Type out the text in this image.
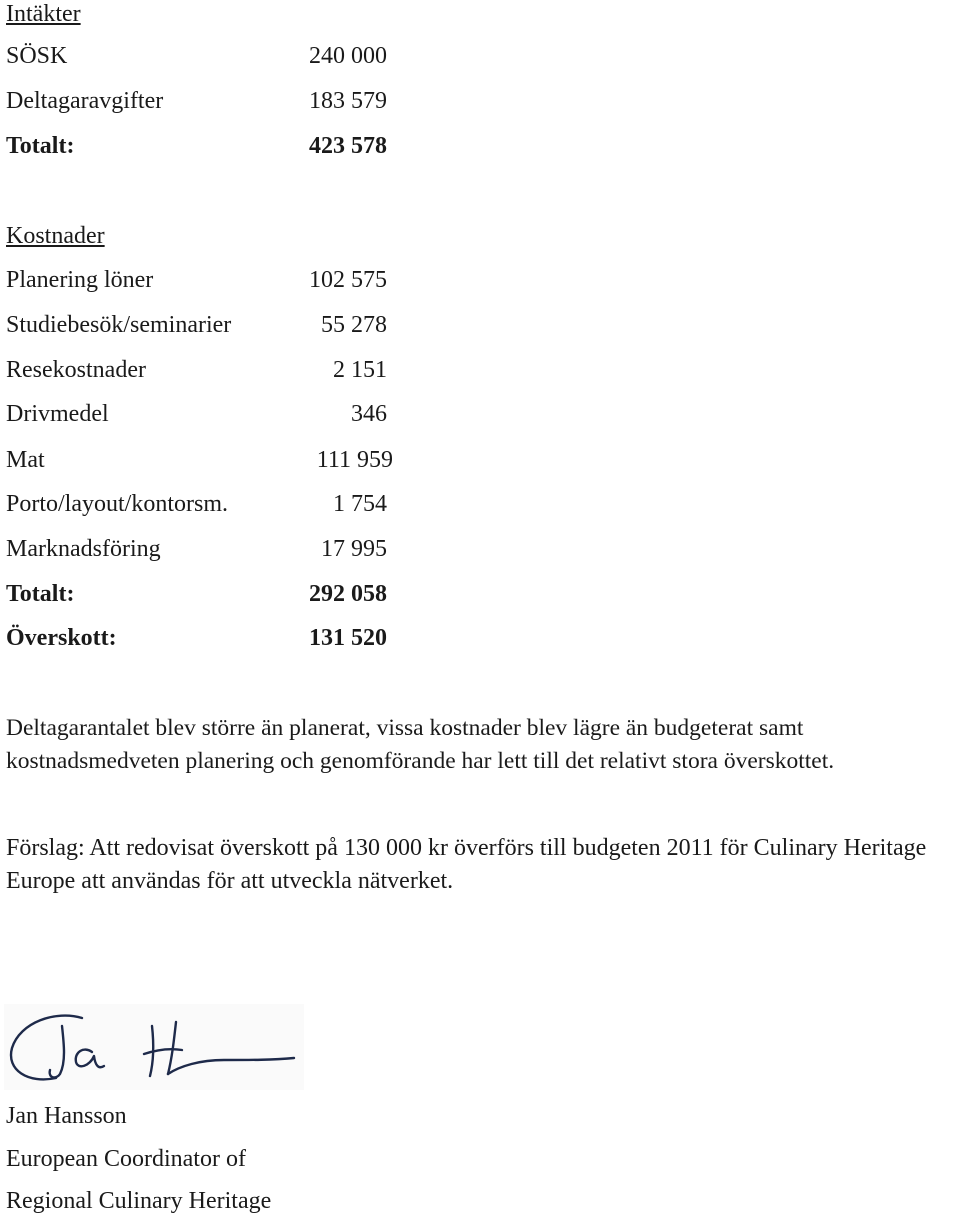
Intäkter
SÖSK	240 000
Deltagaravgifter	183 579
Totalt:	423 578
Kostnader
Planering löner	102 575
Studiebesök/seminarier	55 278
Resekostnader	2 151
Drivmedel	346
Mat	111 959
Porto/layout/kontorsm.	1 754
Marknadsföring	17 995
Totalt:	292 058
Överskott:	131 520
Deltagarantalet blev större än planerat, vissa kostnader blev lägre än budgeterat samt kostnadsmedveten planering och genomförande har lett till det relativt stora överskottet.
Förslag: Att redovisat överskott på 130 000 kr överförs till budgeten 2011 för Culinary Heritage Europe att användas för att utveckla nätverket.
Jan Hansson
European Coordinator of
Regional Culinary Heritage
